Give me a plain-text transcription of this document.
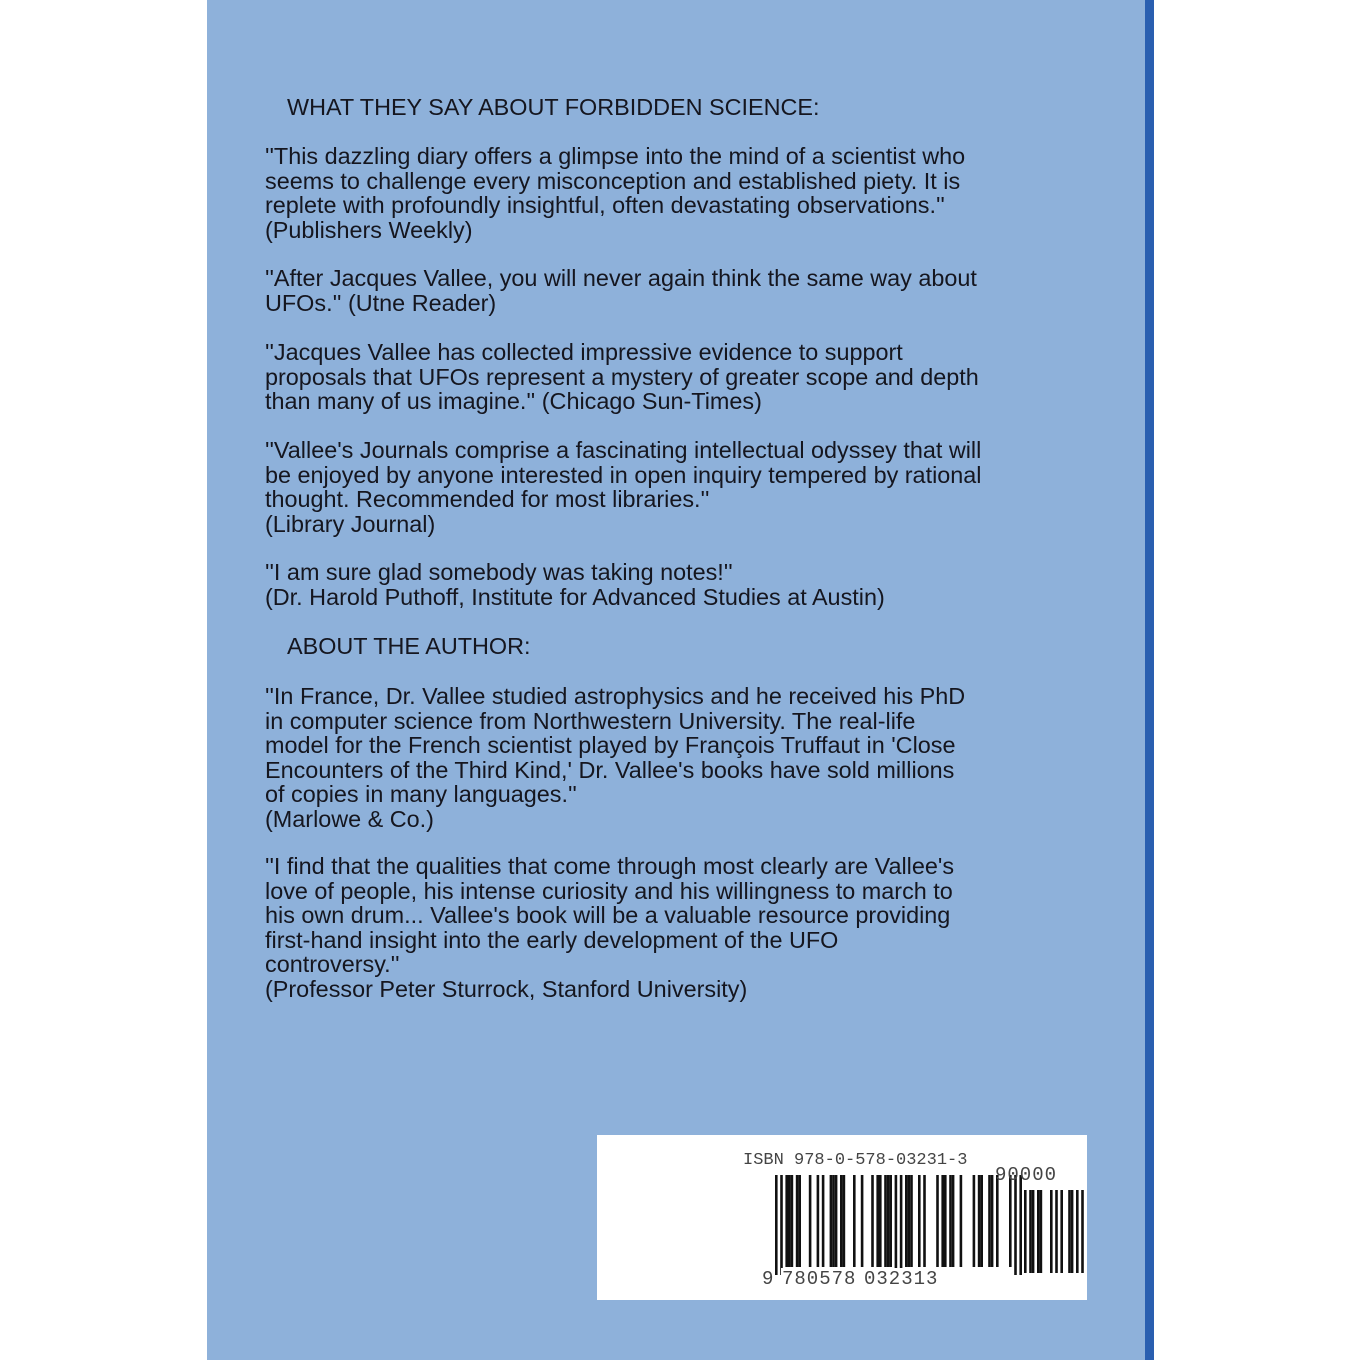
WHAT THEY SAY ABOUT FORBIDDEN SCIENCE:
''This dazzling diary offers a glimpse into the mind of a scientist who
seems to challenge every misconception and established piety. It is
replete with profoundly insightful, often devastating observations.''
(Publishers Weekly)
''After Jacques Vallee, you will never again think the same way about
UFOs.'' (Utne Reader)
''Jacques Vallee has collected impressive evidence to support
proposals that UFOs represent a mystery of greater scope and depth
than many of us imagine.'' (Chicago Sun-Times)
''Vallee's Journals comprise a fascinating intellectual odyssey that will
be enjoyed by anyone interested in open inquiry tempered by rational
thought. Recommended for most libraries.''
(Library Journal)
''I am sure glad somebody was taking notes!''
(Dr. Harold Puthoff, Institute for Advanced Studies at Austin)
ABOUT THE AUTHOR:
''In France, Dr. Vallee studied astrophysics and he received his PhD
in computer science from Northwestern University. The real-life
model for the French scientist played by François Truffaut in 'Close
Encounters of the Third Kind,' Dr. Vallee's books have sold millions
of copies in many languages.''
(Marlowe & Co.)
''I find that the qualities that come through most clearly are Vallee's
love of people, his intense curiosity and his willingness to march to
his own drum... Vallee's book will be a valuable resource providing
first-hand insight into the early development of the UFO
controversy.''
(Professor Peter Sturrock, Stanford University)
ISBN 978-0-578-03231-3
90000
9 780578 032313
